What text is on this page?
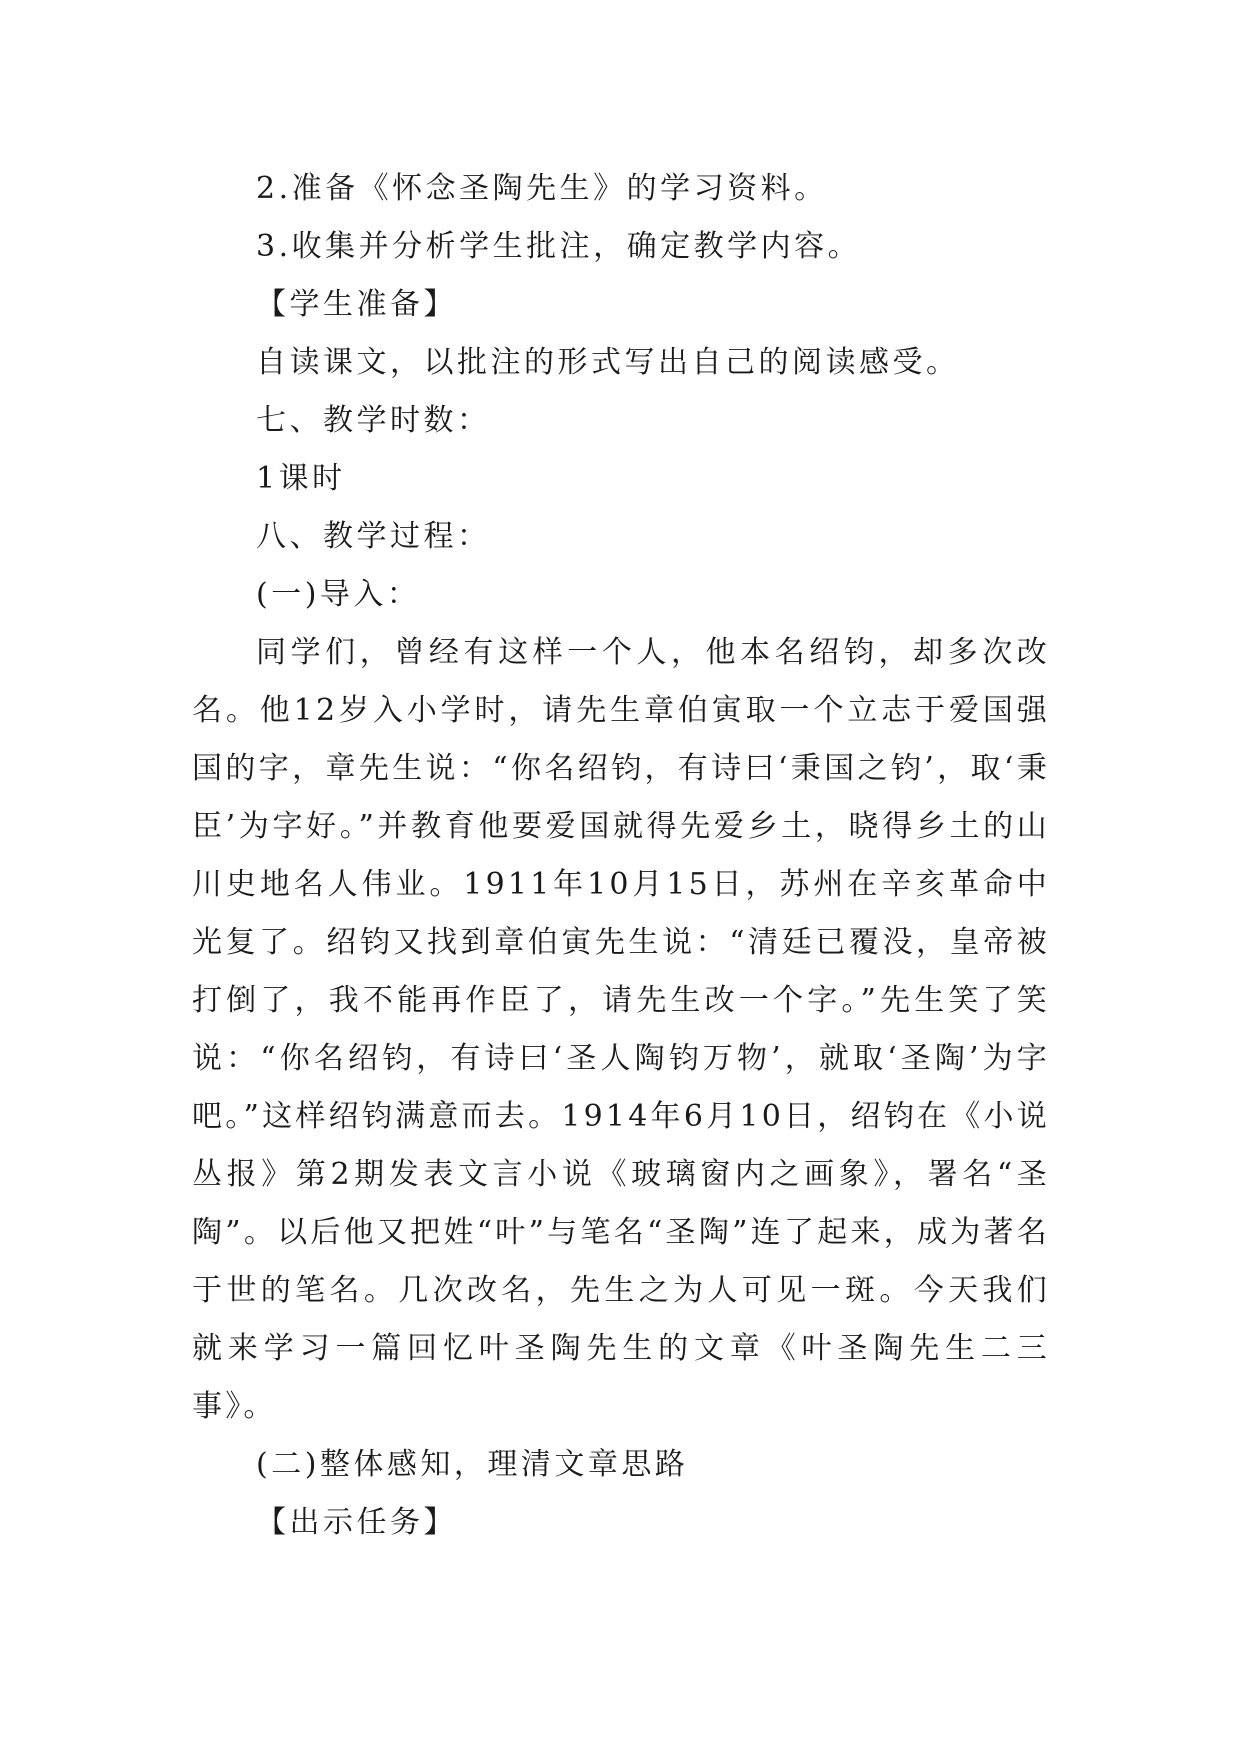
2.准备《怀念圣陶先生》的学习资料。
3.收集并分析学生批注，确定教学内容。
【学生准备】
自读课文，以批注的形式写出自己的阅读感受。
七、教学时数：
1课时
八、教学过程：
(一)导入：

同学们，曾经有这样一个人，他本名绍钧，却多次改名。他12岁入小学时，请先生章伯寅取一个立志于爱国强国的字，章先生说：“你名绍钧，有诗曰‘秉国之钧’，取‘秉臣’为字好。”并教育他要爱国就得先爱乡土，晓得乡土的山川史地名人伟业。1911年10月15日，苏州在辛亥革命中光复了。绍钧又找到章伯寅先生说：“清廷已覆没，皇帝被打倒了，我不能再作臣了，请先生改一个字。”先生笑了笑说：“你名绍钧，有诗曰‘圣人陶钧万物’，就取‘圣陶’为字吧。”这样绍钧满意而去。1914年6月10日，绍钧在《小说丛报》第2期发表文言小说《玻璃窗内之画象》，署名“圣陶”。以后他又把姓“叶”与笔名“圣陶”连了起来，成为著名于世的笔名。几次改名，先生之为人可见一斑。今天我们就来学习一篇回忆叶圣陶先生的文章《叶圣陶先生二三事》。

(二)整体感知，理清文章思路
【出示任务】
